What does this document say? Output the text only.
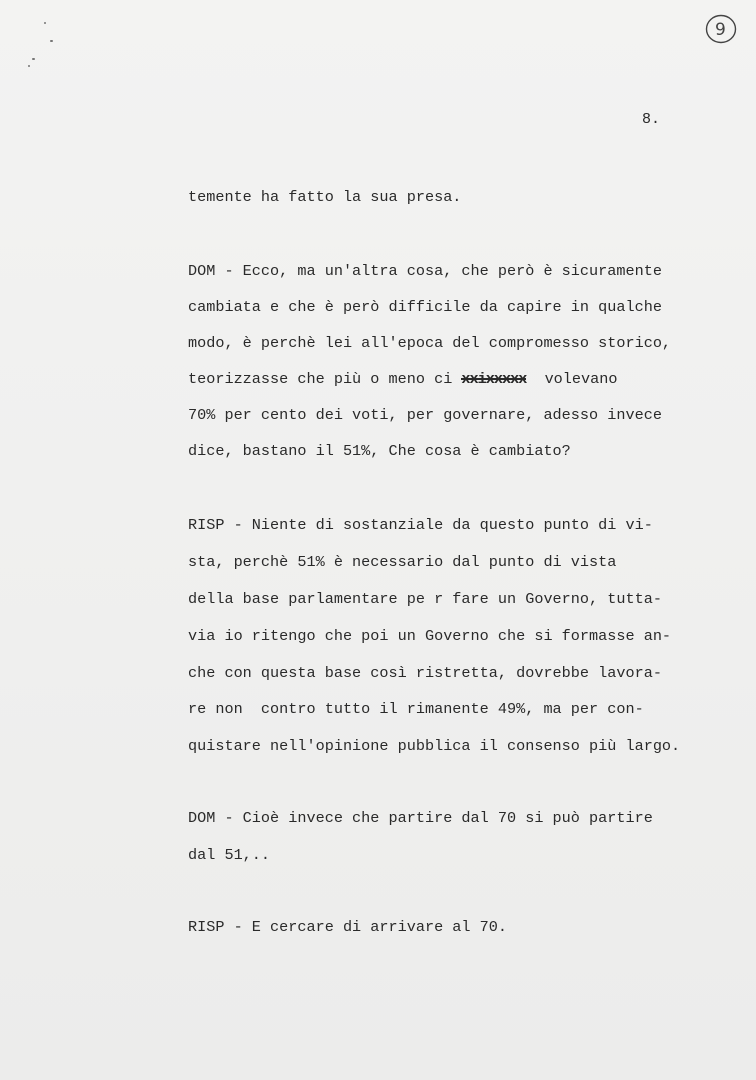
9
8.
temente ha fatto la sua presa.
DOM - Ecco, ma un'altra cosa, che però è sicuramente
cambiata e che è però difficile da capire in qualche
modo, è perchè lei all'epoca del compromesso storico,
teorizzasse che più o meno ci xxixxxxx  volevano
70% per cento dei voti, per governare, adesso invece
dice, bastano il 51%, Che cosa è cambiato?
RISP - Niente di sostanziale da questo punto di vi-
sta, perchè 51% è necessario dal punto di vista
della base parlamentare pe r fare un Governo, tutta-
via io ritengo che poi un Governo che si formasse an-
che con questa base così ristretta, dovrebbe lavora-
re non  contro tutto il rimanente 49%, ma per con-
quistare nell'opinione pubblica il consenso più largo.
DOM - Cioè invece che partire dal 70 si può partire
dal 51,..
RISP - E cercare di arrivare al 70.
